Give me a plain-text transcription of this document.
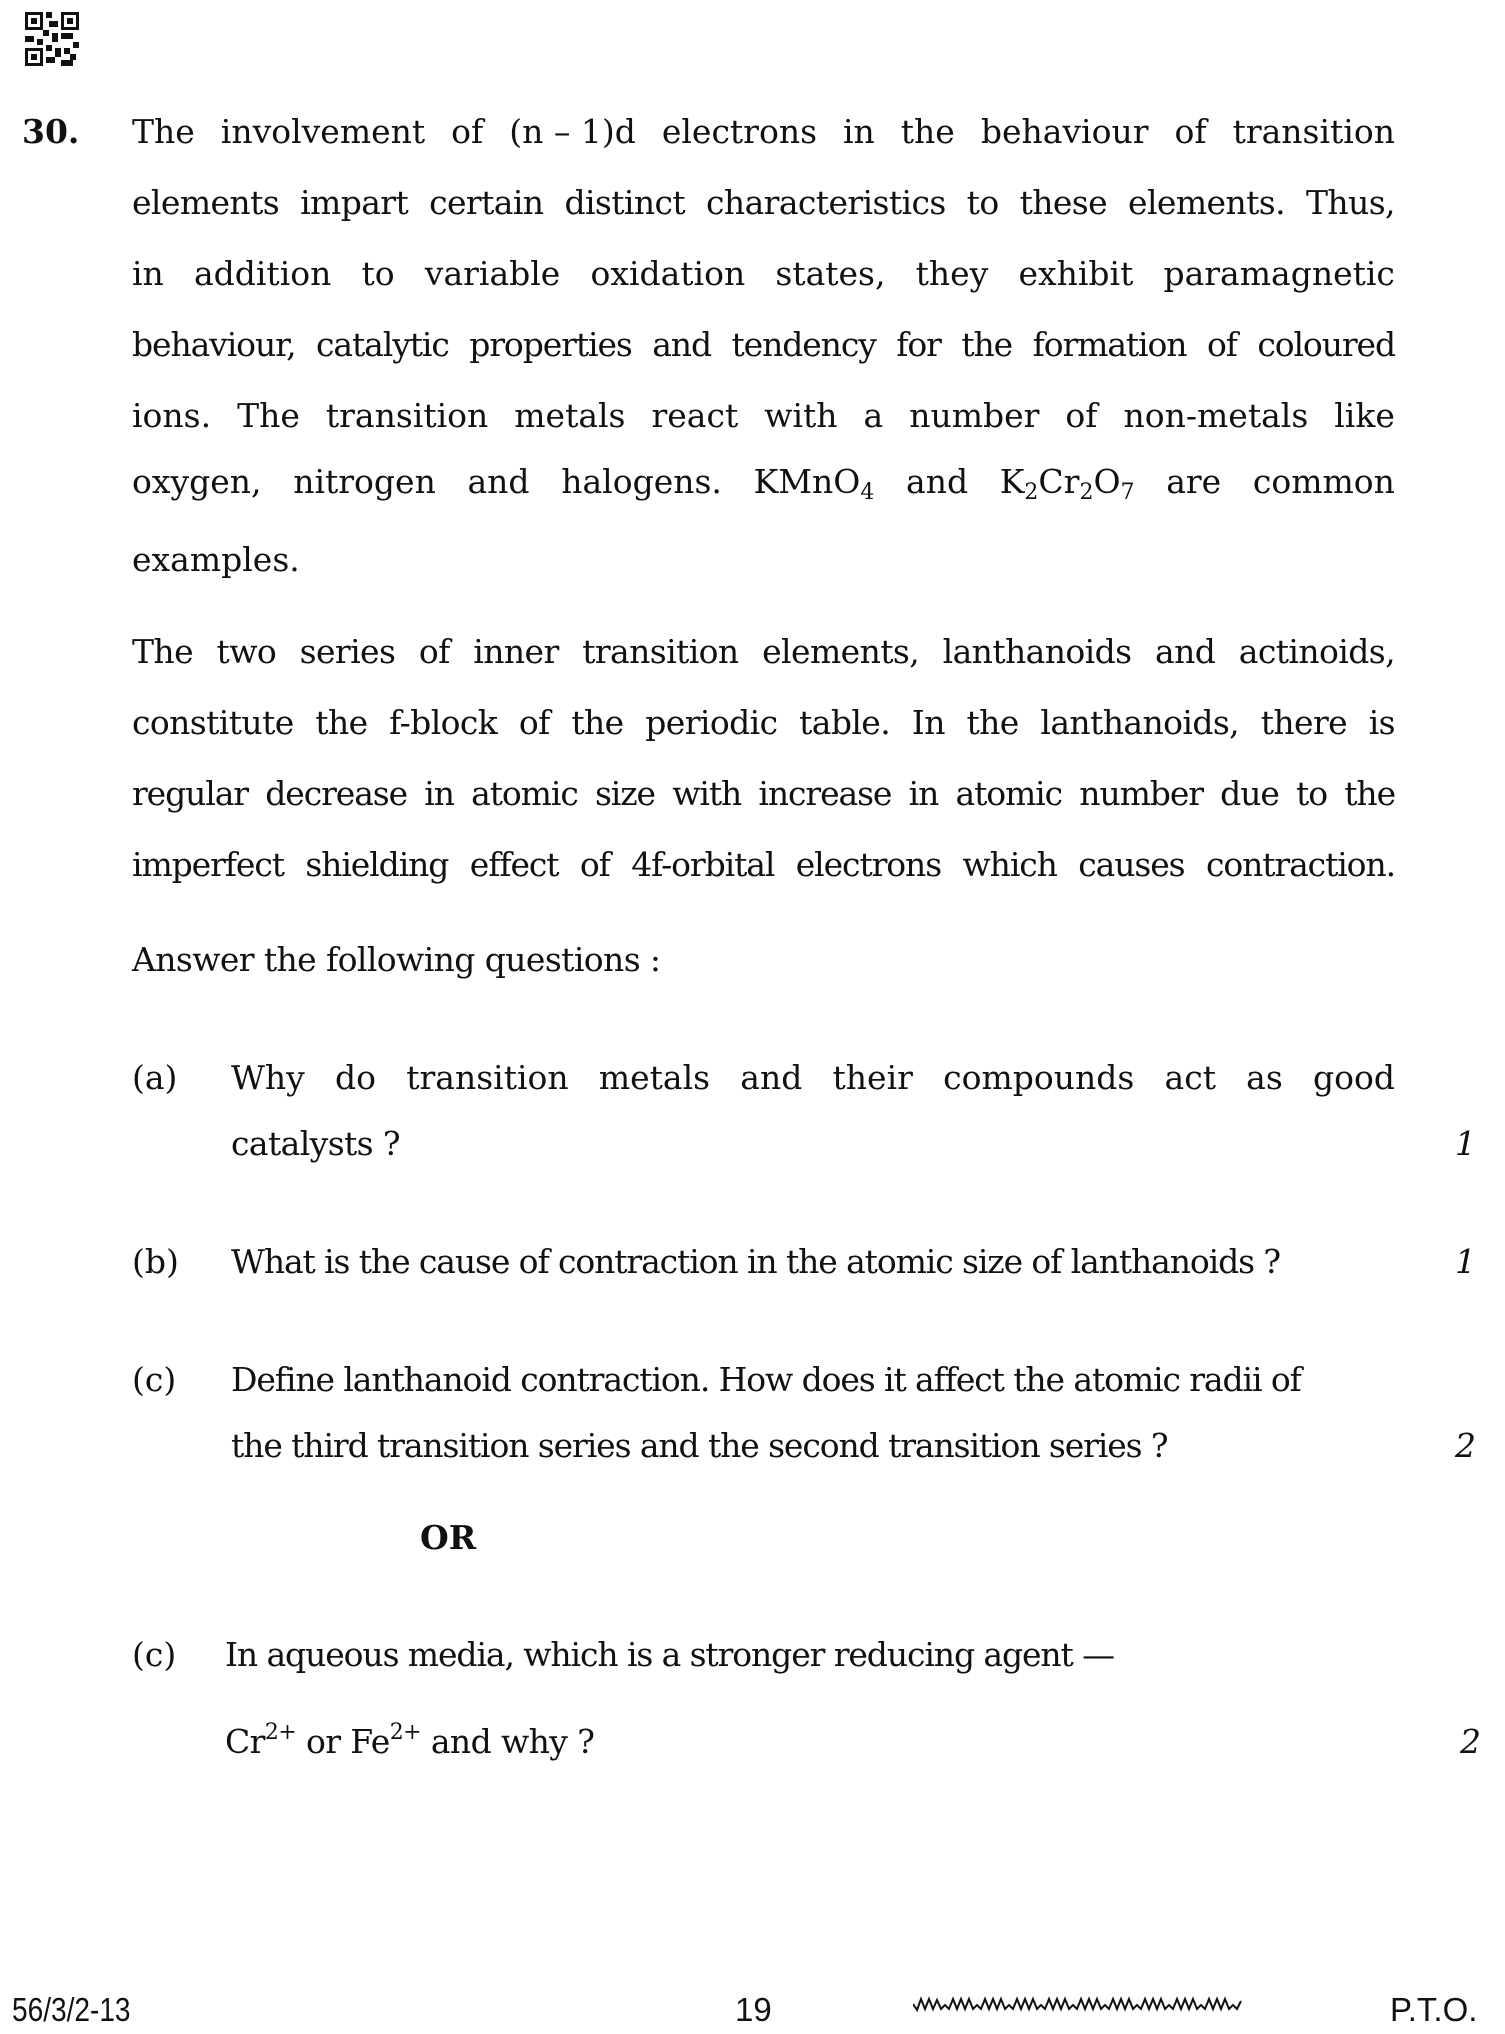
30. The involvement of (n – 1)d electrons in the behaviour of transition
elements impart certain distinct characteristics to these elements. Thus,
in addition to variable oxidation states, they exhibit paramagnetic
behaviour, catalytic properties and tendency for the formation of coloured
ions. The transition metals react with a number of non-metals like
oxygen, nitrogen and halogens. KMnO$_4$ and $K_2Cr_2O_7$ are common
examples.
The two series of inner transition elements, lanthanoids and actinoids,
constitute the f-block of the periodic table. In the lanthanoids, there is
regular decrease in atomic size with increase in atomic number due to the
imperfect shielding effect of 4f-orbital electrons which causes contraction.
Answer the following questions :
(a) Why do transition metals and their compounds act as good
catalysts ?	1
(b) What is the cause of contraction in the atomic size of lanthanoids ?	1
(c) Define lanthanoid contraction. How does it affect the atomic radii of
the third transition series and the second transition series ?	2
OR
(c) In aqueous media, which is a stronger reducing agent —
$Cr^{2+}$ or $Fe^{2+}$ and why ?	2
56/3/2-13	19	P.T.O.
